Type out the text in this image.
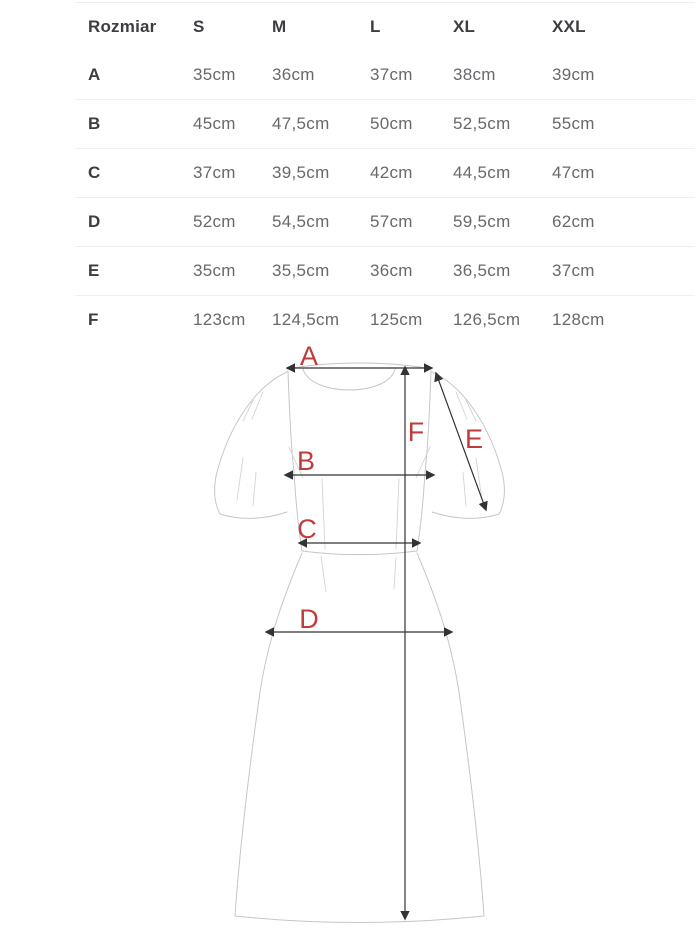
Rozmiar	S	M	L	XL	XXL
A	35cm	36cm	37cm	38cm	39cm
B	45cm	47,5cm	50cm	52,5cm	55cm
C	37cm	39,5cm	42cm	44,5cm	47cm
D	52cm	54,5cm	57cm	59,5cm	62cm
E	35cm	35,5cm	36cm	36,5cm	37cm
F	123cm	124,5cm	125cm	126,5cm	128cm
A
B
C
D
E
F
